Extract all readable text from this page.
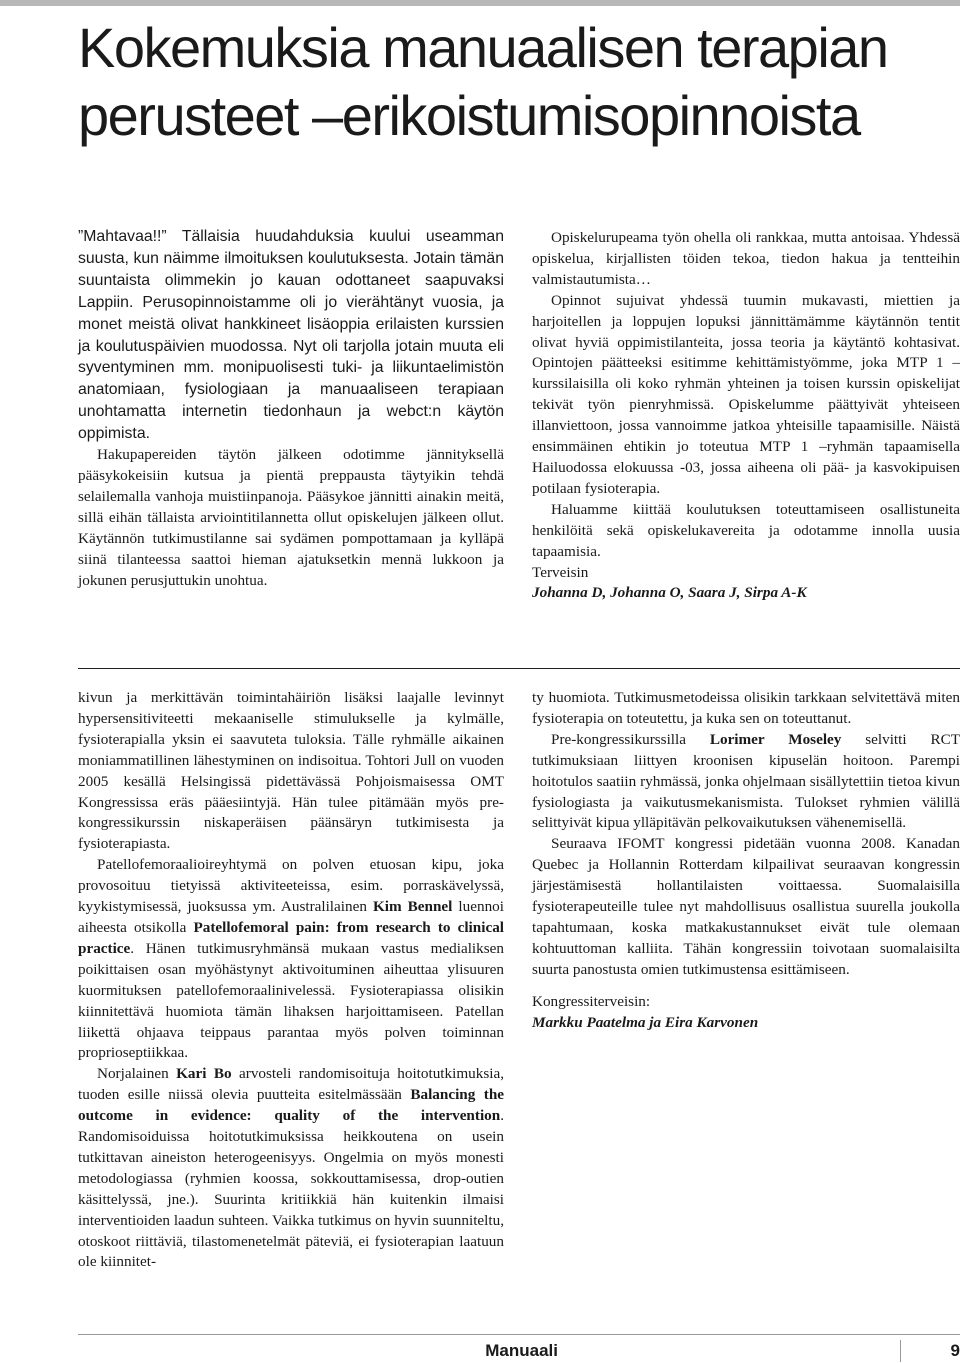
Kokemuksia manuaalisen terapian perusteet –erikoistumisopinnoista

”Mahtavaa!!” Tällaisia huudahduksia kuului useamman suusta, kun näimme ilmoituksen koulutuksesta. Jotain tämän suuntaista olimmekin jo kauan odottaneet saapuvaksi Lappiin. Perusopinnoistamme oli jo vierähtänyt vuosia, ja monet meistä olivat hankkineet lisäoppia erilaisten kurssien ja koulutuspäivien muodossa. Nyt oli tarjolla jotain muuta eli syventyminen mm. monipuolisesti tuki- ja liikuntaelimistön anatomiaan, fysiologiaan ja manuaaliseen terapiaan unohtamatta internetin tiedonhaun ja webct:n käytön oppimista.

Hakupapereiden täytön jälkeen odotimme jännityksellä pääsykokeisiin kutsua ja pientä preppausta täytyikin tehdä selailemalla vanhoja muistiinpanoja. Pääsykoe jännitti ainakin meitä, sillä eihän tällaista arviointitilannetta ollut opiskelujen jälkeen ollut. Käytännön tutkimustilanne sai sydämen pompottamaan ja kylläpä siinä tilanteessa saattoi hieman ajatuksetkin mennä lukkoon ja jokunen perusjuttukin unohtua.

Opiskelurupeama työn ohella oli rankkaa, mutta antoisaa. Yhdessä opiskelua, kirjallisten töiden tekoa, tiedon hakua ja tentteihin valmistautumista…

Opinnot sujuivat yhdessä tuumin mukavasti, miettien ja harjoitellen ja loppujen lopuksi jännittämämme käytännön tentit olivat hyviä oppimistilanteita, jossa teoria ja käytäntö kohtasivat. Opintojen päätteeksi esitimme kehittämistyömme, joka MTP 1 –kurssilaisilla oli koko ryhmän yhteinen ja toisen kurssin opiskelijat tekivät työn pienryhmissä. Opiskelumme päättyivät yhteiseen illanviettoon, jossa vannoimme jatkoa yhteisille tapaamisille. Näistä ensimmäinen ehtikin jo toteutua MTP 1 –ryhmän tapaamisella Hailuodossa elokuussa -03, jossa aiheena oli pää- ja kasvokipuisen potilaan fysioterapia.

Haluamme kiittää koulutuksen toteuttamiseen osallistuneita henkilöitä sekä opiskelukavereita ja odotamme innolla uusia tapaamisia.

Terveisin

Johanna D, Johanna O, Saara J, Sirpa A-K

kivun ja merkittävän toimintahäiriön lisäksi laajalle levinnyt hypersensitiviteetti mekaaniselle stimulukselle ja kylmälle, fysioterapialla yksin ei saavuteta tuloksia. Tälle ryhmälle aikainen moniammatillinen lähestyminen on indisoitua. Tohtori Jull on vuoden 2005 kesällä Helsingissä pidettävässä Pohjoismaisessa OMT Kongressissa eräs pääesiintyjä. Hän tulee pitämään myös pre-kongressikurssin niskaperäisen päänsäryn tutkimisesta ja fysioterapiasta.

Patellofemoraalioireyhtymä on polven etuosan kipu, joka provosoituu tietyissä aktiviteeteissa, esim. porraskävelyssä, kyykistymisessä, juoksussa ym. Australilainen Kim Bennel luennoi aiheesta otsikolla Patellofemoral pain: from research to clinical practice. Hänen tutkimusryhmänsä mukaan vastus medialiksen poikittaisen osan myöhästynyt aktivoituminen aiheuttaa ylisuuren kuormituksen patellofemoraalinivelessä. Fysioterapiassa olisikin kiinnitettävä huomiota tämän lihaksen harjoittamiseen. Patellan liikettä ohjaava teippaus parantaa myös polven toiminnan proprioseptiikkaa.

Norjalainen Kari Bo arvosteli randomisoituja hoitotutkimuksia, tuoden esille niissä olevia puutteita esitelmässään Balancing the outcome in evidence: quality of the intervention. Randomisoiduissa hoitotutkimuksissa heikkoutena on usein tutkittavan aineiston heterogeenisyys. Ongelmia on myös monesti metodologiassa (ryhmien koossa, sokkouttamisessa, drop-outien käsittelyssä, jne.). Suurinta kritiikkiä hän kuitenkin ilmaisi interventioiden laadun suhteen. Vaikka tutkimus on hyvin suunniteltu, otoskoot riittäviä, tilastomenetelmät päteviä, ei fysioterapian laatuun ole kiinnitet-

ty huomiota. Tutkimusmetodeissa olisikin tarkkaan selvitettävä miten fysioterapia on toteutettu, ja kuka sen on toteuttanut.

Pre-kongressikurssilla Lorimer Moseley selvitti RCT tutkimuksiaan liittyen kroonisen kipuselän hoitoon. Parempi hoitotulos saatiin ryhmässä, jonka ohjelmaan sisällytettiin tietoa kivun fysiologiasta ja vaikutusmekanismista. Tulokset ryhmien välillä selittyivät kipua ylläpitävän pelkovaikutuksen vähenemisellä.

Seuraava IFOMT kongressi pidetään vuonna 2008. Kanadan Quebec ja Hollannin Rotterdam kilpailivat seuraavan kongressin järjestämisestä hollantilaisten voittaessa. Suomalaisilla fysioterapeuteille tulee nyt mahdollisuus osallistua suurella joukolla tapahtumaan, koska matkakustannukset eivät tule olemaan kohtuuttoman kalliita. Tähän kongressiin toivotaan suomalaisilta suurta panostusta omien tutkimustensa esittämiseen.

Kongressiterveisin:

Markku Paatelma ja Eira Karvonen

Manuaali	9
